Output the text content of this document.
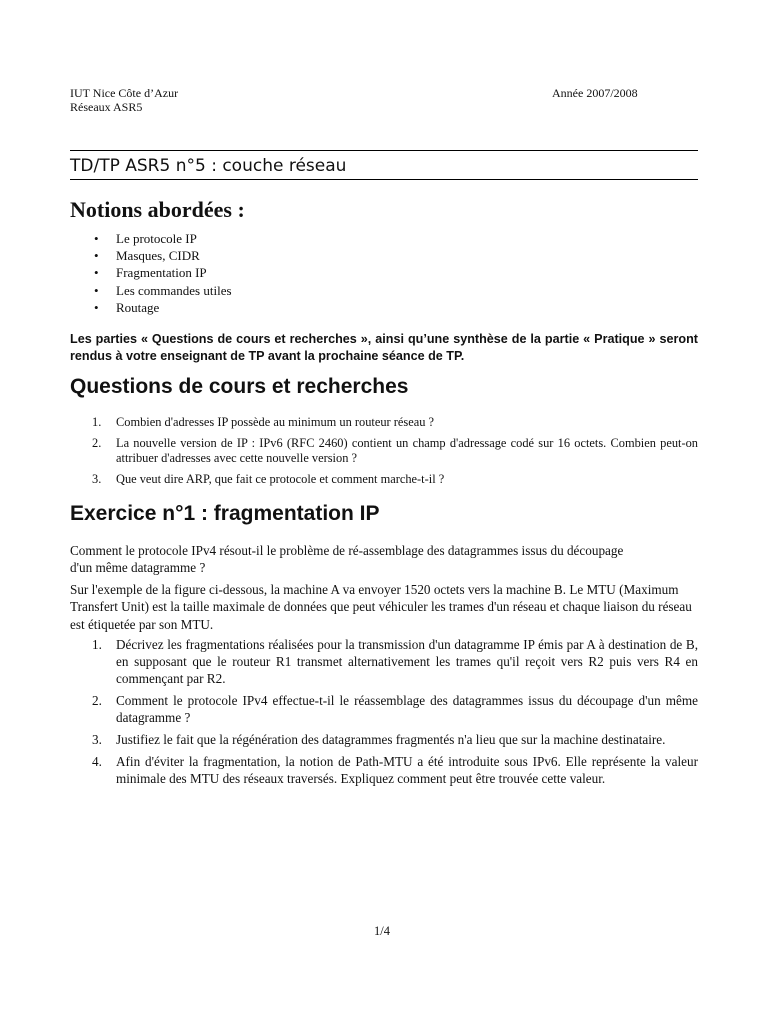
IUT Nice Côte d’Azur
Réseaux ASR5
Année 2007/2008
TD/TP ASR5 n°5 : couche réseau
Notions abordées :
• Le protocole IP
• Masques, CIDR
• Fragmentation IP
• Les commandes utiles
• Routage
Les parties « Questions de cours et recherches », ainsi qu’une synthèse de la partie « Pratique » seront rendus à votre enseignant de TP avant la prochaine séance de TP.
Questions de cours et recherches
1. Combien d'adresses IP possède au minimum un routeur réseau ?
2. La nouvelle version de IP : IPv6 (RFC 2460) contient un champ d'adressage codé sur 16 octets. Combien peut-on attribuer d'adresses avec cette nouvelle version ?
3. Que veut dire ARP, que fait ce protocole et comment marche-t-il ?
Exercice n°1 : fragmentation IP
Comment le protocole IPv4 résout-il le problème de ré-assemblage des datagrammes issus du découpage d'un même datagramme ?
Sur l'exemple de la figure ci-dessous, la machine A va envoyer 1520 octets vers la machine B. Le MTU (Maximum Transfert Unit) est la taille maximale de données que peut véhiculer les trames d'un réseau et chaque liaison du réseau est étiquetée par son MTU.
1. Décrivez les fragmentations réalisées pour la transmission d'un datagramme IP émis par A à destination de B, en supposant que le routeur R1 transmet alternativement les trames qu'il reçoit vers R2 puis vers R4 en commençant par R2.
2. Comment le protocole IPv4 effectue-t-il le réassemblage des datagrammes issus du découpage d'un même datagramme ?
3. Justifiez le fait que la régénération des datagrammes fragmentés n'a lieu que sur la machine destinataire.
4. Afin d'éviter la fragmentation, la notion de Path-MTU a été introduite sous IPv6. Elle représente la valeur minimale des MTU des réseaux traversés. Expliquez comment peut être trouvée cette valeur.
1/4
